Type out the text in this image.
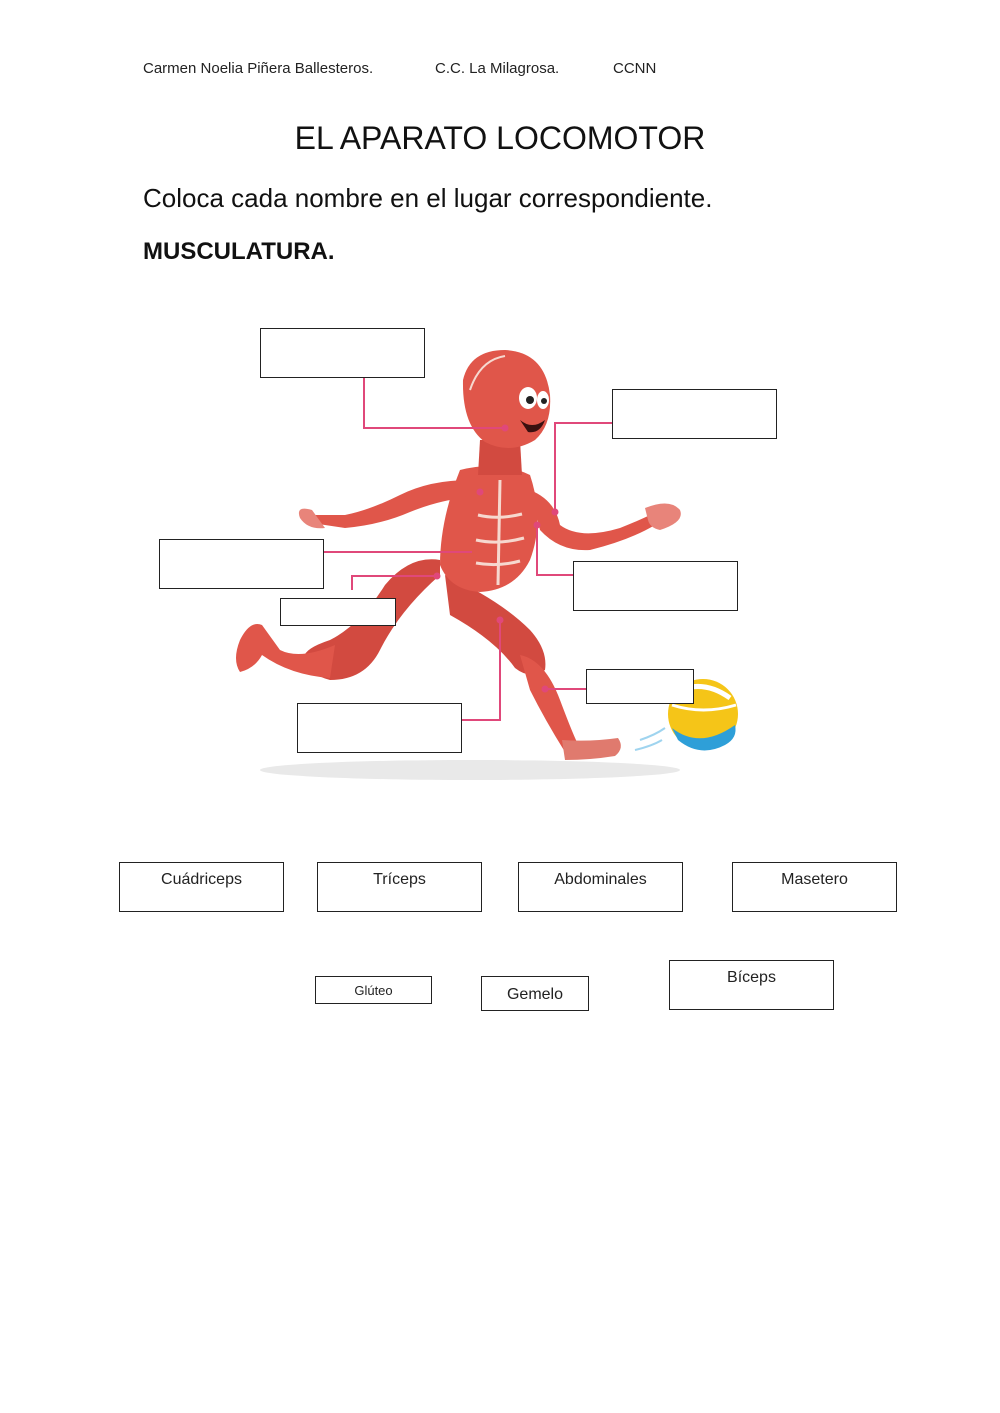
Carmen Noelia Piñera Ballesteros.	C.C. La Milagrosa.	CCNN
EL APARATO LOCOMOTOR

Coloca cada nombre en el lugar correspondiente.

MUSCULATURA.
Cuádriceps	Tríceps	Abdominales	Masetero
Glúteo	Gemelo
Bíceps
